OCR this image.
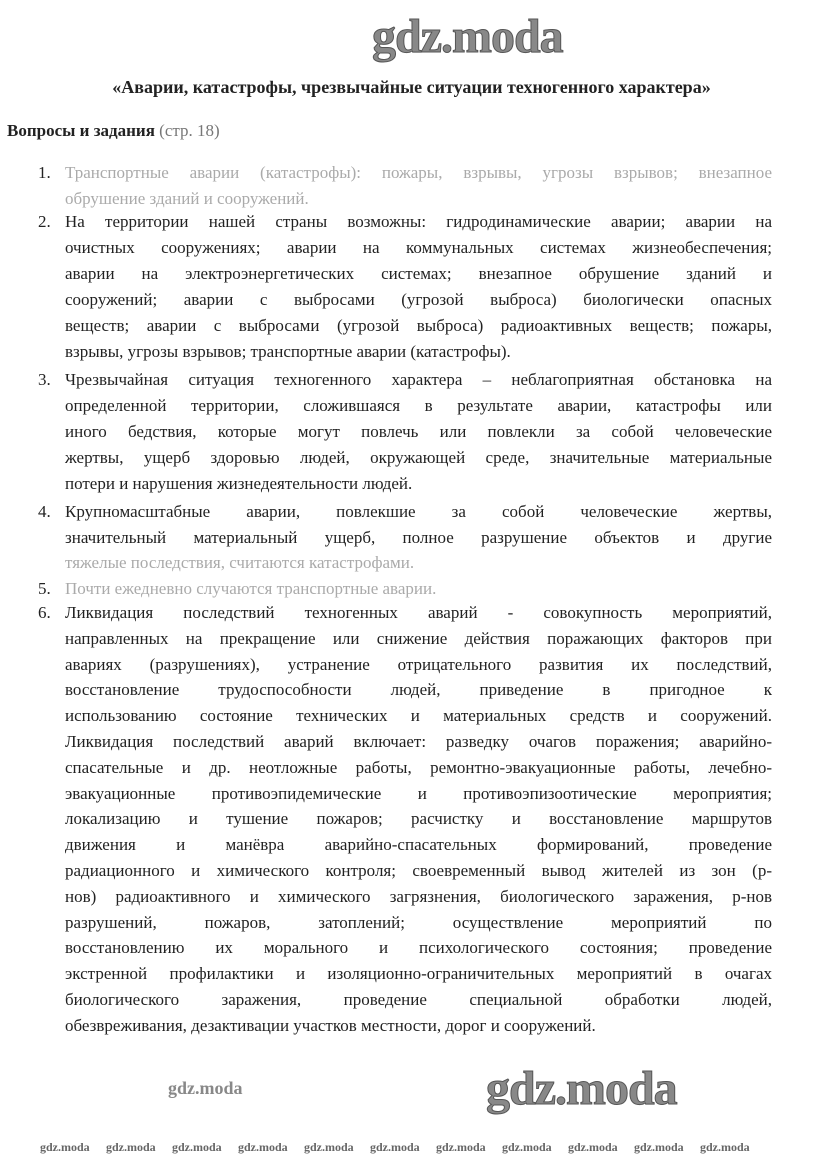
«Аварии, катастрофы, чрезвычайные ситуации техногенного характера»
Вопросы и задания (стр. 18)
1. Транспортные аварии (катастрофы): пожары, взрывы, угрозы взрывов; внезапное
обрушение зданий и сооружений.
2. На территории нашей страны возможны: гидродинамические аварии; аварии на
очистных сооружениях; аварии на коммунальных системах жизнеобеспечения;
аварии на электроэнергетических системах; внезапное обрушение зданий и
сооружений; аварии с выбросами (угрозой выброса) биологически опасных
веществ; аварии с выбросами (угрозой выброса) радиоактивных веществ; пожары,
взрывы, угрозы взрывов; транспортные аварии (катастрофы).
3. Чрезвычайная ситуация техногенного характера – неблагоприятная обстановка на
определенной территории, сложившаяся в результате аварии, катастрофы или
иного бедствия, которые могут повлечь или повлекли за собой человеческие
жертвы, ущерб здоровью людей, окружающей среде, значительные материальные
потери и нарушения жизнедеятельности людей.
4. Крупномасштабные аварии, повлекшие за собой человеческие жертвы,
значительный материальный ущерб, полное разрушение объектов и другие
тяжелые последствия, считаются катастрофами.
5. Почти ежедневно случаются транспортные аварии.
6. Ликвидация последствий техногенных аварий - совокупность мероприятий,
направленных на прекращение или снижение действия поражающих факторов при
авариях (разрушениях), устранение отрицательного развития их последствий,
восстановление трудоспособности людей, приведение в пригодное к
использованию состояние технических и материальных средств и сооружений.
Ликвидация последствий аварий включает: разведку очагов поражения; аварийно-
спасательные и др. неотложные работы, ремонтно-эвакуационные работы, лечебно-
эвакуационные противоэпидемические и противоэпизоотические мероприятия;
локализацию и тушение пожаров; расчистку и восстановление маршрутов
движения и манёвра аварийно-спасательных формирований, проведение
радиационного и химического контроля; своевременный вывод жителей из зон (р-
нов) радиоактивного и химического загрязнения, биологического заражения, р-нов
разрушений, пожаров, затоплений; осуществление мероприятий по
восстановлению их морального и психологического состояния; проведение
экстренной профилактики и изоляционно-ограничительных мероприятий в очагах
биологического заражения, проведение специальной обработки людей,
обезвреживания, дезактивации участков местности, дорог и сооружений.
gdz.moda
gdz.moda
gdz.moda
gdz.moda gdz.moda gdz.moda gdz.moda gdz.moda gdz.moda gdz.moda gdz.moda gdz.moda gdz.moda gdz.moda
